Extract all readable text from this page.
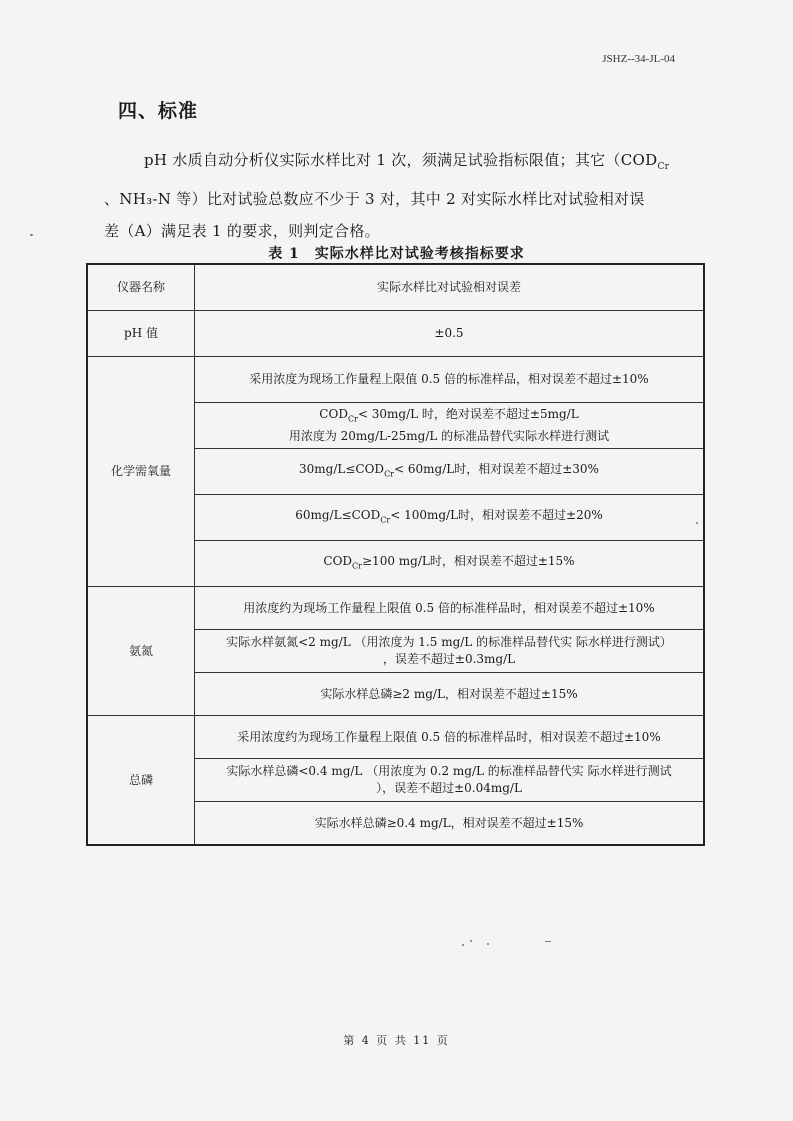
JSHZ--34-JL-04
四、标准
pH 水质自动分析仪实际水样比对 1 次，须满足试验指标限值；其它（$COD_{Cr}$
、NH₃-N 等）比对试验总数应不少于 3 对，其中 2 对实际水样比对试验相对误
差（A）满足表 1 的要求，则判定合格。
表 1　实际水样比对试验考核指标要求
仪器名称	实际水样比对试验相对误差
pH 值	±0.5
化学需氧量	采用浓度为现场工作量程上限值 0.5 倍的标准样品，相对误差不超过±10%

	$COD_{Cr}< 30mg/L$ 时，绝对误差不超过±5mg/L
用浓度为 20mg/L-25mg/L 的标准品替代实际水样进行测试

	$30mg/L\le COD_{Cr}< 60mg/L$时，相对误差不超过±30%
	$60mg/L\le COD_{Cr}< 100mg/L$时，相对误差不超过±20%
	$COD_{Cr}\ge 100$ mg/L时，相对误差不超过±15%
氨氮	用浓度约为现场工作量程上限值 0.5 倍的标准样品时，相对误差不超过±10%

	实际水样氨氮<2 mg/L （用浓度为 1.5 mg/L 的标准样品替代实 际水样进行测试）
，误差不超过±0.3mg/L

	实际水样总磷≥2 mg/L，相对误差不超过±15%
总磷	采用浓度约为现场工作量程上限值 0.5 倍的标准样品时，相对误差不超过±10%

	实际水样总磷<0.4 mg/L （用浓度为 0.2 mg/L 的标准样品替代实 际水样进行测试
），误差不超过±0.04mg/L

	实际水样总磷≥0.4 mg/L，相对误差不超过±15%
第 4 页 共 11 页
